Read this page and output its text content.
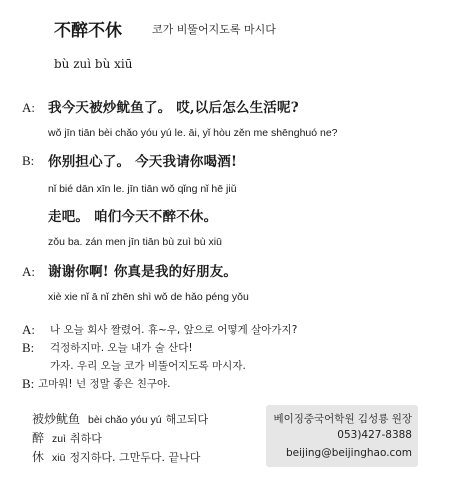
不醉不休	코가 비뚤어지도록 마시다
bù zuì bù xiū
A: 我今天被炒鱿鱼了。 哎,以后怎么生活呢?
wǒ jīn tiān bèi chǎo yóu yú le. āi, yǐ hòu zěn me shēnghuó ne?
B: 你别担心了。 今天我请你喝酒!
nǐ bié dān xīn le. jīn tiān wǒ qǐng nǐ hē jiǔ
走吧。 咱们今天不醉不休。
zǒu ba. zán men jīn tiān bù zuì bù xiū
A: 谢谢你啊! 你真是我的好朋友。
xiè xie nǐ ā nǐ zhēn shì wǒ de hǎo péng yǒu
A: 나 오늘 회사 짤렸어. 휴~우, 앞으로 어떻게 살아가지?
B: 걱정하지마. 오늘 내가 술 산다!
가자. 우리 오늘 코가 비뚤어지도록 마시자.
B: 고마워! 넌 정말 좋은 친구야.
被炒鱿鱼 bèi chǎo yóu yú 해고되다
醉 zuì 취하다
休 xiū 정지하다. 그만두다. 끝나다
베이징중국어학원 김성룡 원장
053)427-8388
beijing@beijinghao.com
